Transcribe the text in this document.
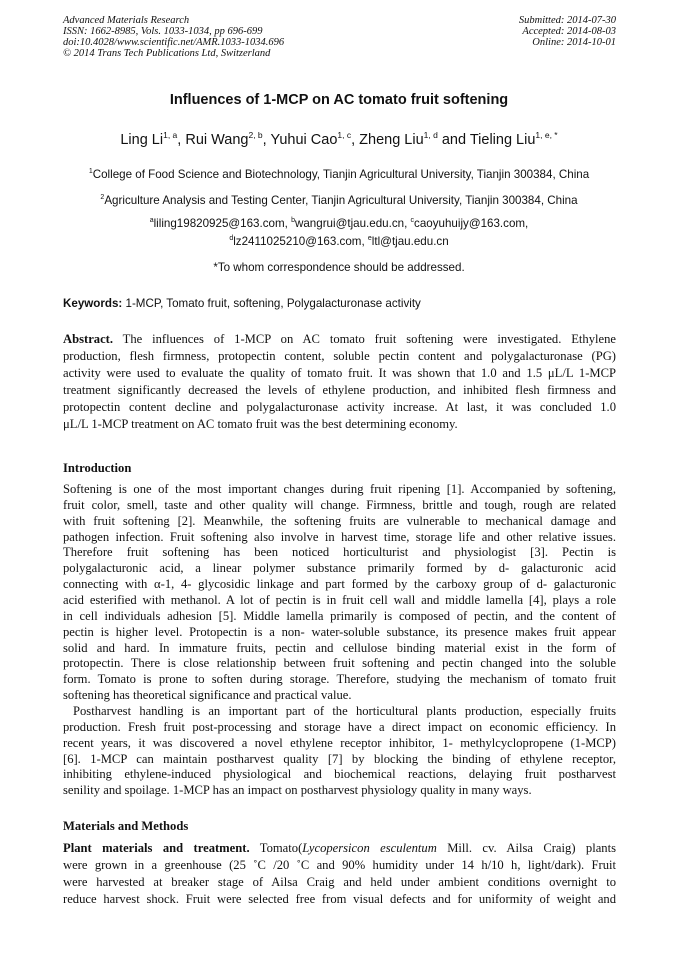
Advanced Materials Research
ISSN: 1662-8985, Vols. 1033-1034, pp 696-699
doi:10.4028/www.scientific.net/AMR.1033-1034.696
© 2014 Trans Tech Publications Ltd, Switzerland
Submitted: 2014-07-30
Accepted: 2014-08-03
Online: 2014-10-01
Influences of 1-MCP on AC tomato fruit softening
Ling Li$^{1, a}$, Rui Wang$^{2, b}$, Yuhui Cao$^{1, c}$, Zheng Liu$^{1, d}$ and Tieling Liu$^{1, e, *}$
$^1$College of Food Science and Biotechnology, Tianjin Agricultural University, Tianjin 300384, China
$^2$Agriculture Analysis and Testing Center, Tianjin Agricultural University, Tianjin 300384, China
$^a$liling19820925@163.com, $^b$wangrui@tjau.edu.cn, $^c$caoyuhuijy@163.com,
$^d$lz2411025210@163.com, $^e$ltl@tjau.edu.cn
*To whom correspondence should be addressed.
Keywords: 1-MCP, Tomato fruit, softening, Polygalacturonase activity
Abstract. The influences of 1-MCP on AC tomato fruit softening were investigated. Ethylene
production, flesh firmness, protopectin content, soluble pectin content and polygalacturonase (PG)
activity were used to evaluate the quality of tomato fruit. It was shown that 1.0 and 1.5 μL/L 1-MCP
treatment significantly decreased the levels of ethylene production, and inhibited flesh firmness and
protopectin content decline and polygalacturonase activity increase. At last, it was concluded 1.0
μL/L 1-MCP treatment on AC tomato fruit was the best determining economy.
Introduction
Softening is one of the most important changes during fruit ripening [1]. Accompanied by softening,
fruit color, smell, taste and other quality will change. Firmness, brittle and tough, rough are related
with fruit softening [2]. Meanwhile, the softening fruits are vulnerable to mechanical damage and
pathogen infection. Fruit softening also involve in harvest time, storage life and other relative issues.
Therefore fruit softening has been noticed horticulturist and physiologist [3]. Pectin is
polygalacturonic acid, a linear polymer substance primarily formed by d- galacturonic acid
connecting with α-1, 4- glycosidic linkage and part formed by the carboxy group of d- galacturonic
acid esterified with methanol. A lot of pectin is in fruit cell wall and middle lamella [4], plays a role
in cell individuals adhesion [5]. Middle lamella primarily is composed of pectin, and the content of
pectin is higher level. Protopectin is a non- water-soluble substance, its presence makes fruit appear
solid and hard. In immature fruits, pectin and cellulose binding material exist in the form of
protopectin. There is close relationship between fruit softening and pectin changed into the soluble
form. Tomato is prone to soften during storage. Therefore, studying the mechanism of tomato fruit
softening has theoretical significance and practical value.
Postharvest handling is an important part of the horticultural plants production, especially fruits
production. Fresh fruit post-processing and storage have a direct impact on economic efficiency. In
recent years, it was discovered a novel ethylene receptor inhibitor, 1- methylcyclopropene (1-MCP)
[6]. 1-MCP can maintain postharvest quality [7] by blocking the binding of ethylene receptor,
inhibiting ethylene-induced physiological and biochemical reactions, delaying fruit postharvest
senility and spoilage. 1-MCP has an impact on postharvest physiology quality in many ways.
Materials and Methods
Plant materials and treatment. Tomato(Lycopersicon esculentum Mill. cv. Ailsa Craig) plants
were grown in a greenhouse (25 ˚C /20 ˚C and 90% humidity under 14 h/10 h, light/dark). Fruit
were harvested at breaker stage of Ailsa Craig and held under ambient conditions overnight to
reduce harvest shock. Fruit were selected free from visual defects and for uniformity of weight and
